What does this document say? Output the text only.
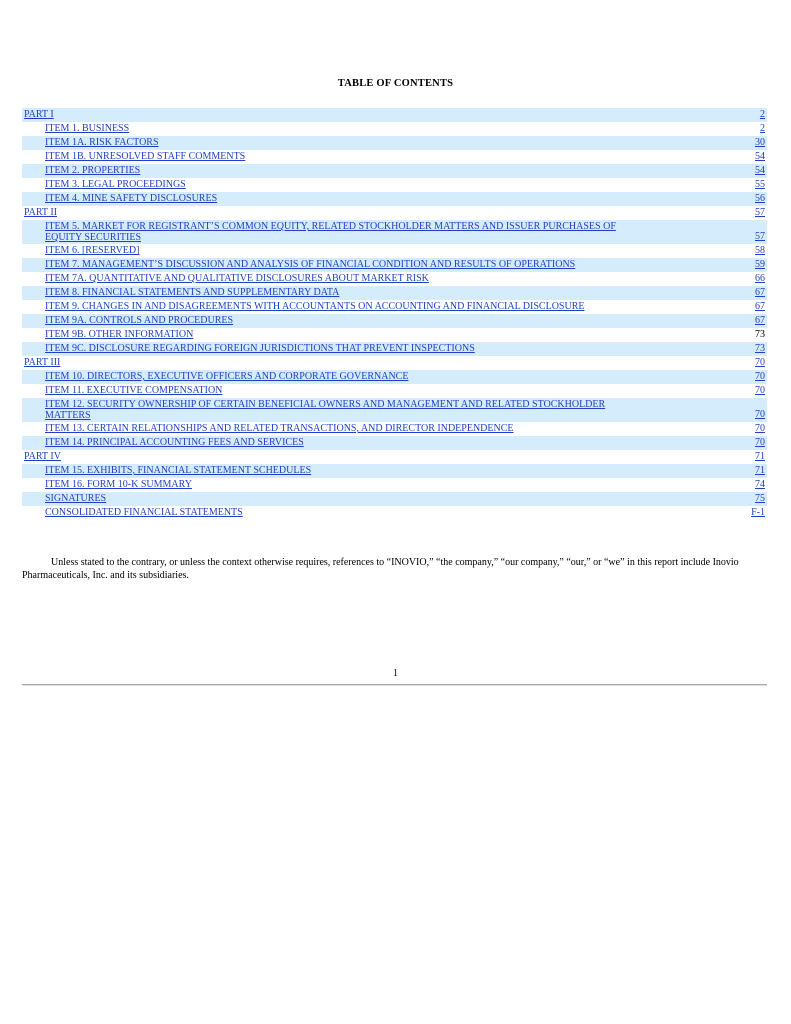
TABLE OF CONTENTS
PART I	2
ITEM 1. BUSINESS	2
ITEM 1A. RISK FACTORS	30
ITEM 1B. UNRESOLVED STAFF COMMENTS	54
ITEM 2. PROPERTIES	54
ITEM 3. LEGAL PROCEEDINGS	55
ITEM 4. MINE SAFETY DISCLOSURES	56
PART II	57
ITEM 5. MARKET FOR REGISTRANT’S COMMON EQUITY, RELATED STOCKHOLDER MATTERS AND ISSUER PURCHASES OF EQUITY SECURITIES	57
ITEM 6. [RESERVED]	58
ITEM 7. MANAGEMENT’S DISCUSSION AND ANALYSIS OF FINANCIAL CONDITION AND RESULTS OF OPERATIONS	59
ITEM 7A. QUANTITATIVE AND QUALITATIVE DISCLOSURES ABOUT MARKET RISK	66
ITEM 8. FINANCIAL STATEMENTS AND SUPPLEMENTARY DATA	67
ITEM 9. CHANGES IN AND DISAGREEMENTS WITH ACCOUNTANTS ON ACCOUNTING AND FINANCIAL DISCLOSURE	67
ITEM 9A. CONTROLS AND PROCEDURES	67
ITEM 9B. OTHER INFORMATION	73
ITEM 9C. DISCLOSURE REGARDING FOREIGN JURISDICTIONS THAT PREVENT INSPECTIONS	73
PART III	70
ITEM 10. DIRECTORS, EXECUTIVE OFFICERS AND CORPORATE GOVERNANCE	70
ITEM 11. EXECUTIVE COMPENSATION	70
ITEM 12. SECURITY OWNERSHIP OF CERTAIN BENEFICIAL OWNERS AND MANAGEMENT AND RELATED STOCKHOLDER MATTERS	70
ITEM 13. CERTAIN RELATIONSHIPS AND RELATED TRANSACTIONS, AND DIRECTOR INDEPENDENCE	70
ITEM 14. PRINCIPAL ACCOUNTING FEES AND SERVICES	70
PART IV	71
ITEM 15. EXHIBITS, FINANCIAL STATEMENT SCHEDULES	71
ITEM 16. FORM 10-K SUMMARY	74
SIGNATURES	75
CONSOLIDATED FINANCIAL STATEMENTS	F-1

Unless stated to the contrary, or unless the context otherwise requires, references to “INOVIO,” “the company,” “our company,” “our,” or “we” in this report include Inovio Pharmaceuticals, Inc. and its subsidiaries.

1
